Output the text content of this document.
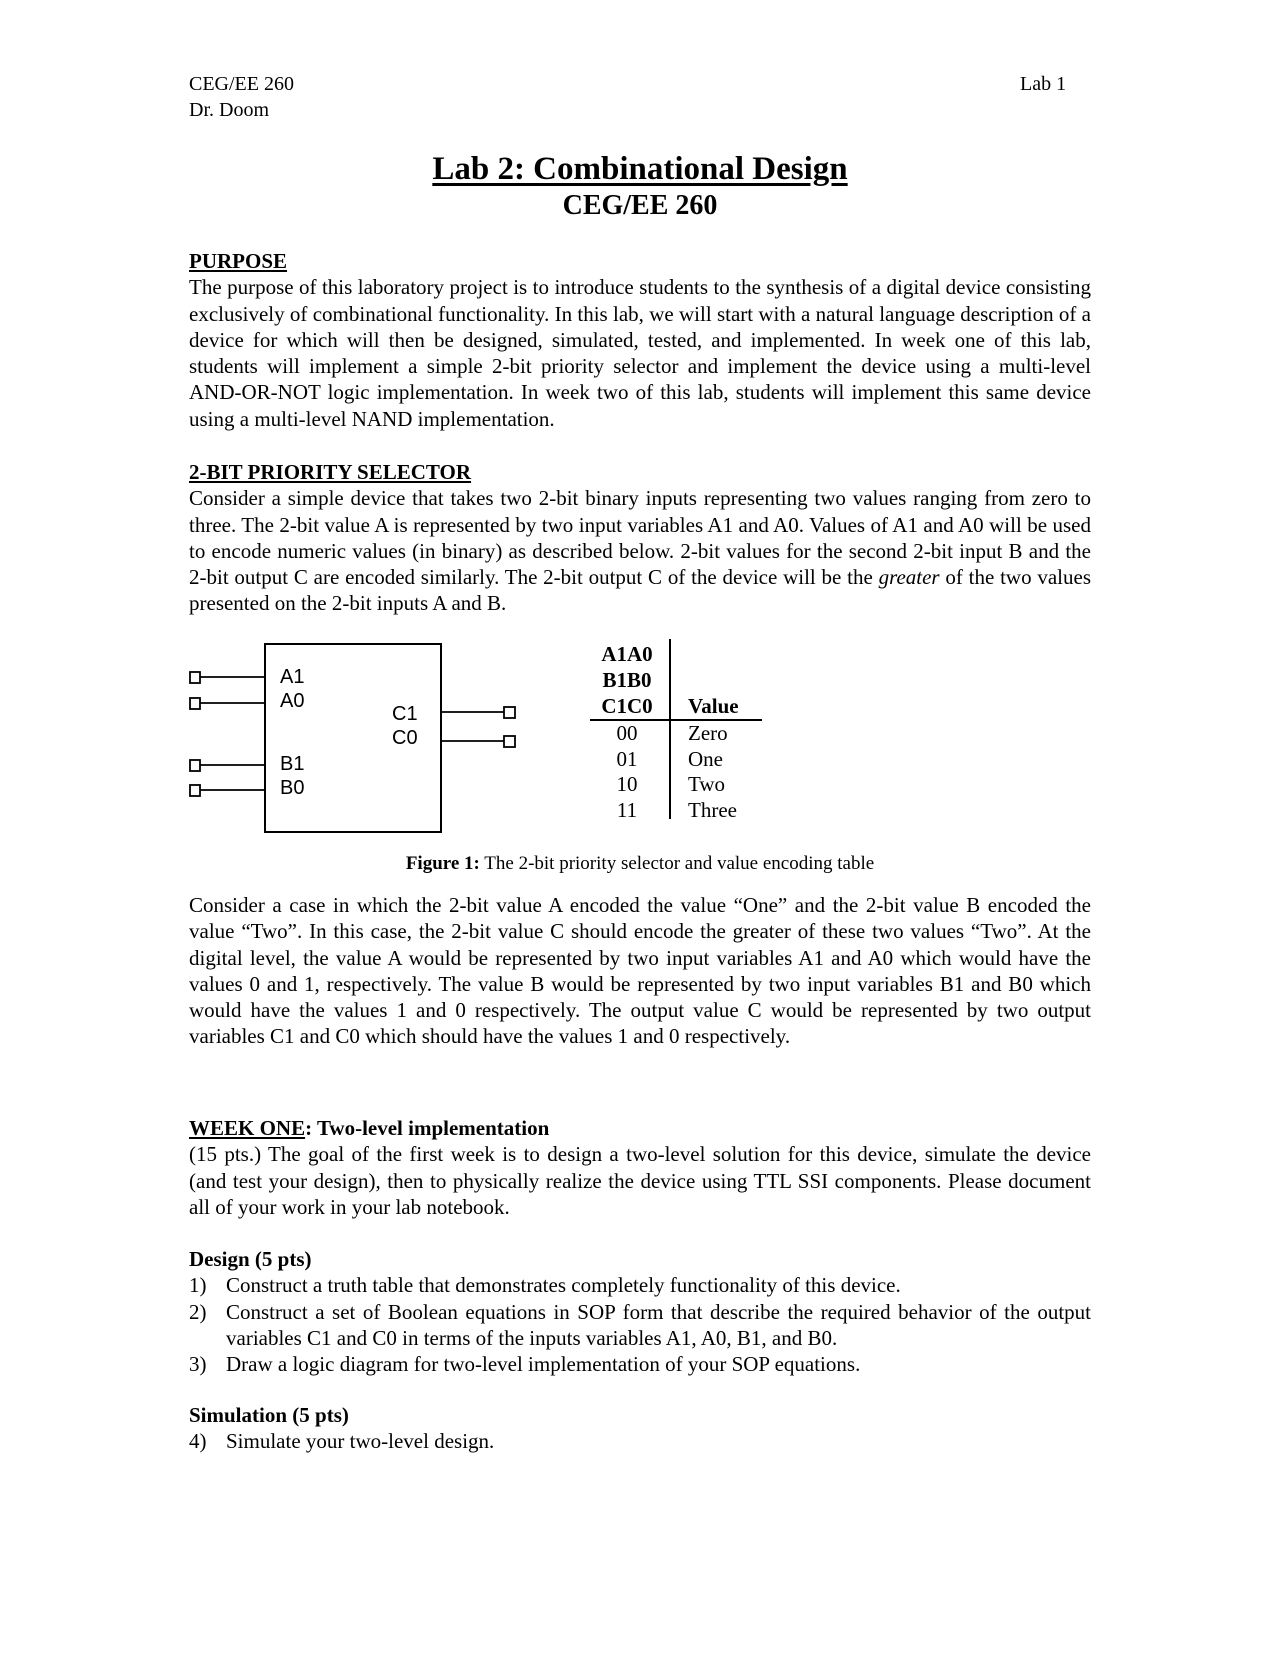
CEG/EE 260
Dr. Doom
Lab 1
Lab 2: Combinational Design
CEG/EE 260
PURPOSE

The purpose of this laboratory project is to introduce students to the synthesis of a digital device consisting exclusively of combinational functionality. In this lab, we will start with a natural language description of a device for which will then be designed, simulated, tested, and implemented. In week one of this lab, students will implement a simple 2-bit priority selector and implement the device using a multi-level AND-OR-NOT logic implementation. In week two of this lab, students will implement this same device using a multi-level NAND implementation.

2-BIT PRIORITY SELECTOR

Consider a simple device that takes two 2-bit binary inputs representing two values ranging from zero to three. The 2-bit value A is represented by two input variables A1 and A0. Values of A1 and A0 will be used to encode numeric values (in binary) as described below. 2-bit values for the second 2-bit input B and the 2-bit output C are encoded similarly. The 2-bit output C of the device will be the greater of the two values presented on the 2-bit inputs A and B.

A1
A0
B1
B0
C1
C0
A1A0
B1B0
C1C0	Value
00
01
10
11
Zero
One
Two
Three
Figure 1: The 2-bit priority selector and value encoding table

Consider a case in which the 2-bit value A encoded the value “One” and the 2-bit value B encoded the value “Two”. In this case, the 2-bit value C should encode the greater of these two values “Two”. At the digital level, the value A would be represented by two input variables A1 and A0 which would have the values 0 and 1, respectively. The value B would be represented by two input variables B1 and B0 which would have the values 1 and 0 respectively. The output value C would be represented by two output variables C1 and C0 which should have the values 1 and 0 respectively.

WEEK ONE: Two-level implementation

(15 pts.) The goal of the first week is to design a two-level solution for this device, simulate the device (and test your design), then to physically realize the device using TTL SSI components. Please document all of your work in your lab notebook.

Design (5 pts)
1) Construct a truth table that demonstrates completely functionality of this device.
2) Construct a set of Boolean equations in SOP form that describe the required behavior of the output variables C1 and C0 in terms of the inputs variables A1, A0, B1, and B0.
3) Draw a logic diagram for two-level implementation of your SOP equations.
Simulation (5 pts)
4) Simulate your two-level design.
